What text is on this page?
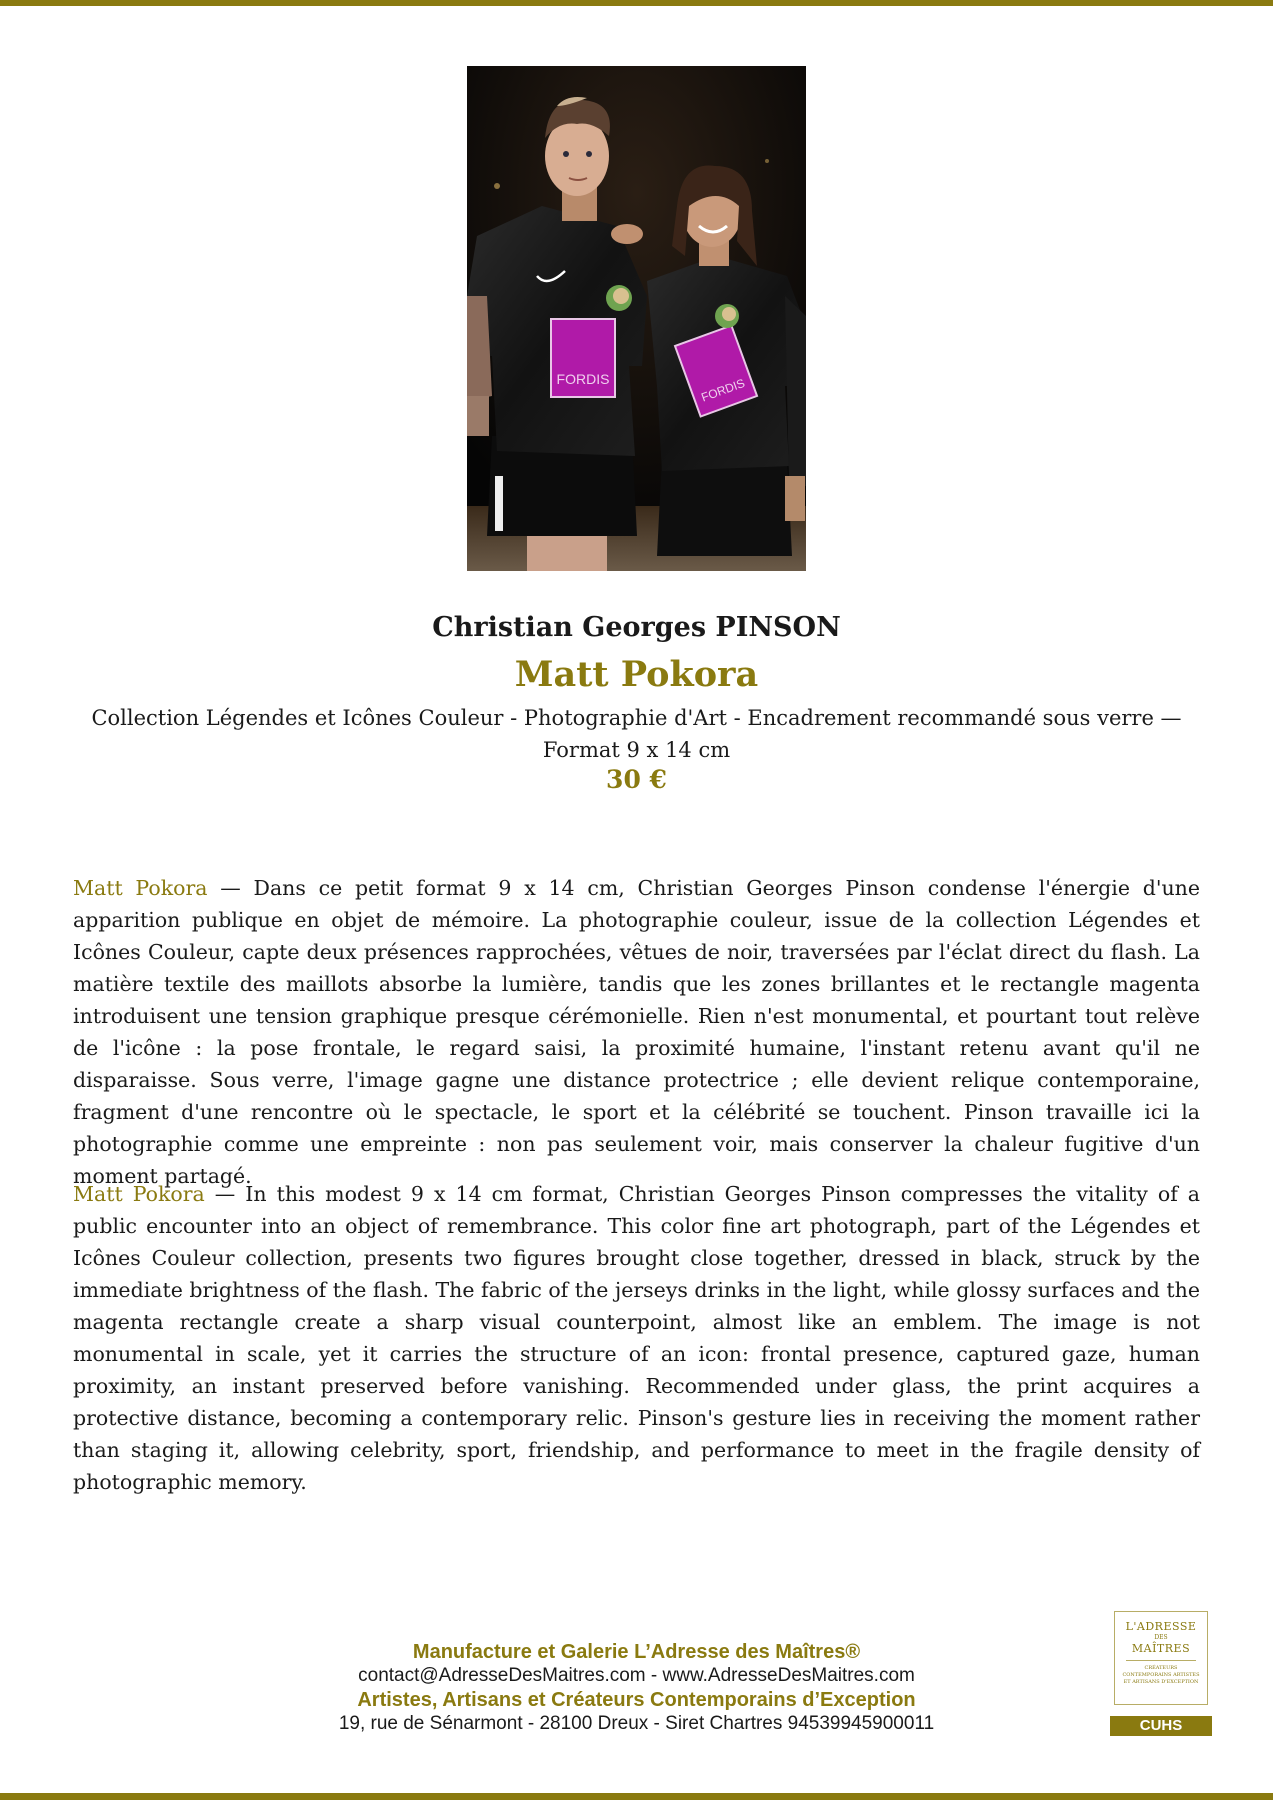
FORDIS
FORDIS
Christian Georges PINSON
Matt Pokora
Collection Légendes et Icônes Couleur - Photographie d'Art - Encadrement recommandé sous verre — Format 9 x 14 cm
30 €

Matt Pokora — Dans ce petit format 9 x 14 cm, Christian Georges Pinson condense l'énergie d'une apparition publique en objet de mémoire. La photographie couleur, issue de la collection Légendes et Icônes Couleur, capte deux présences rapprochées, vêtues de noir, traversées par l'éclat direct du flash. La matière textile des maillots absorbe la lumière, tandis que les zones brillantes et le rectangle magenta introduisent une tension graphique presque cérémonielle. Rien n'est monumental, et pourtant tout relève de l'icône : la pose frontale, le regard saisi, la proximité humaine, l'instant retenu avant qu'il ne disparaisse. Sous verre, l'image gagne une distance protectrice ; elle devient relique contemporaine, fragment d'une rencontre où le spectacle, le sport et la célébrité se touchent. Pinson travaille ici la photographie comme une empreinte : non pas seulement voir, mais conserver la chaleur fugitive d'un moment partagé.

Matt Pokora — In this modest 9 x 14 cm format, Christian Georges Pinson compresses the vitality of a public encounter into an object of remembrance. This color fine art photograph, part of the Légendes et Icônes Couleur collection, presents two figures brought close together, dressed in black, struck by the immediate brightness of the flash. The fabric of the jerseys drinks in the light, while glossy surfaces and the magenta rectangle create a sharp visual counterpoint, almost like an emblem. The image is not monumental in scale, yet it carries the structure of an icon: frontal presence, captured gaze, human proximity, an instant preserved before vanishing. Recommended under glass, the print acquires a protective distance, becoming a contemporary relic. Pinson's gesture lies in receiving the moment rather than staging it, allowing celebrity, sport, friendship, and performance to meet in the fragile density of photographic memory.

Manufacture et Galerie L’Adresse des Maîtres®
contact@AdresseDesMaitres.com - www.AdresseDesMaitres.com
Artistes, Artisans et Créateurs Contemporains d’Exception
19, rue de Sénarmont - 28100 Dreux - Siret Chartres 94539945900011
L'ADRESSE
DES
MAÎTRES
CRÉATEURS CONTEMPORAINS ARTISTES ET ARTISANS D'EXCEPTION
CUHS
